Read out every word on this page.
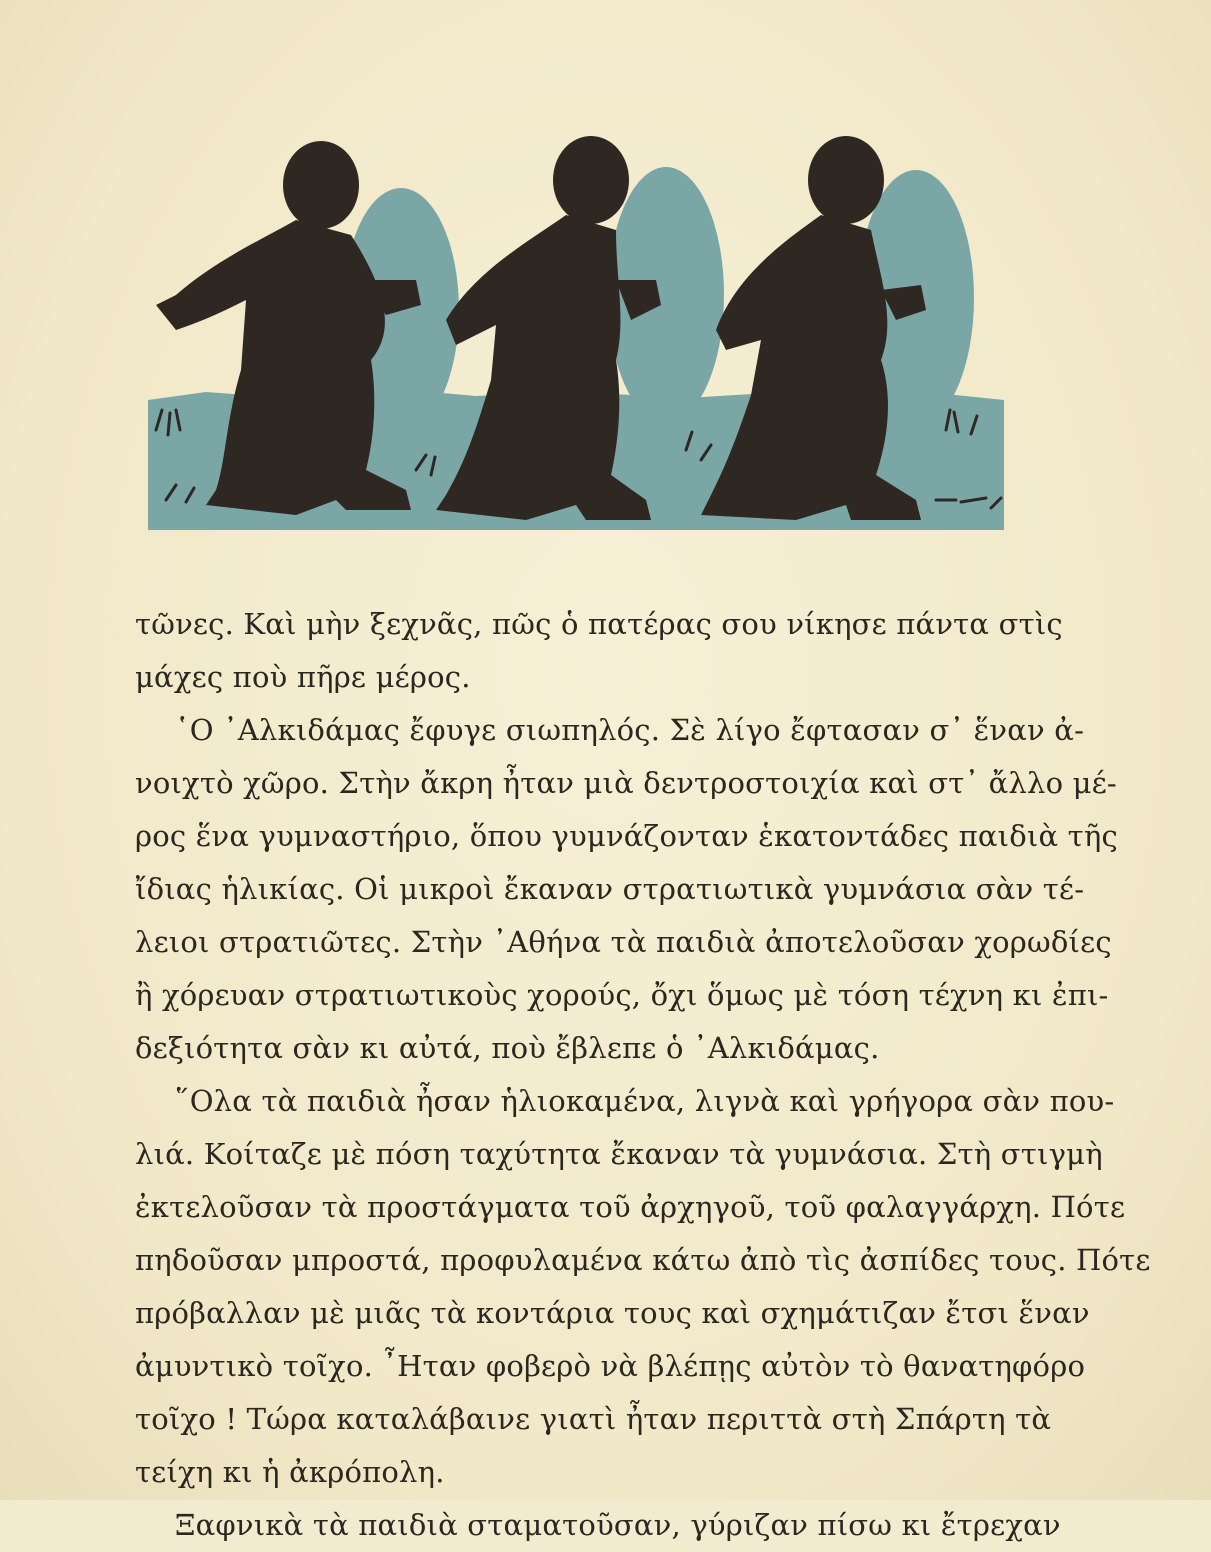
τῶνες. Καὶ μὴν ξεχνᾶς, πῶς ὁ πατέρας σου νίκησε πάντα στὶς
μάχες ποὺ πῆρε μέρος.
῾Ο ᾿Αλκιδάμας ἔφυγε σιωπηλός. Σὲ λίγο ἔφτασαν σ᾿ ἕναν ἀ-
νοιχτὸ χῶρο. Στὴν ἄκρη ἦταν μιὰ δεντροστοιχία καὶ στ᾿ ἄλλο μέ-
ρος ἕνα γυμναστήριο, ὅπου γυμνάζονταν ἑκατοντάδες παιδιὰ τῆς
ἴδιας ἡλικίας. Οἱ μικροὶ ἔκαναν στρατιωτικὰ γυμνάσια σὰν τέ-
λειοι στρατιῶτες. Στὴν ᾿Αθήνα τὰ παιδιὰ ἀποτελοῦσαν χορωδίες
ἢ χόρευαν στρατιωτικοὺς χορούς, ὄχι ὅμως μὲ τόση τέχνη κι ἐπι-
δεξιότητα σὰν κι αὐτά, ποὺ ἔβλεπε ὁ ᾿Αλκιδάμας.
῞Ολα τὰ παιδιὰ ἦσαν ἡλιοκαμένα, λιγνὰ καὶ γρήγορα σὰν που-
λιά. Κοίταζε μὲ πόση ταχύτητα ἔκαναν τὰ γυμνάσια. Στὴ στιγμὴ
ἐκτελοῦσαν τὰ προστάγματα τοῦ ἀρχηγοῦ, τοῦ φαλαγγάρχη. Πότε
πηδοῦσαν μπροστά, προφυλαμένα κάτω ἀπὸ τὶς ἀσπίδες τους. Πότε
πρόβαλλαν μὲ μιᾶς τὰ κοντάρια τους καὶ σχημάτιζαν ἔτσι ἕναν
ἀμυντικὸ τοῖχο. ῏Ηταν φοβερὸ νὰ βλέπῃς αὐτὸν τὸ θανατηφόρο
τοῖχο ! Τώρα καταλάβαινε γιατὶ ἦταν περιττὰ στὴ Σπάρτη τὰ
τείχη κι ἡ ἀκρόπολη.
Ξαφνικὰ τὰ παιδιὰ σταματοῦσαν, γύριζαν πίσω κι ἔτρεχαν
